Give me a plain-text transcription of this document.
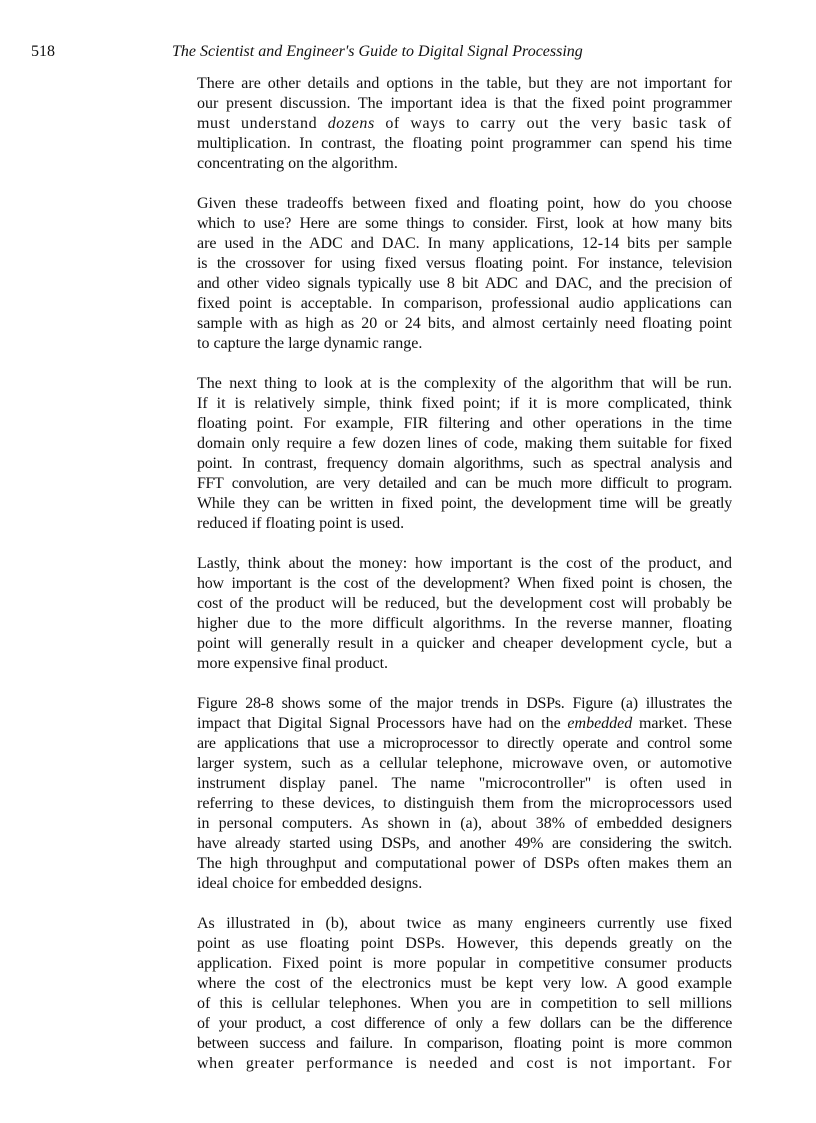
518	The Scientist and Engineer's Guide to Digital Signal Processing

There are other details and options in the table, but they are not important for
our present discussion. The important idea is that the fixed point programmer
must understand dozens of ways to carry out the very basic task of
multiplication. In contrast, the floating point programmer can spend his time
concentrating on the algorithm.

Given these tradeoffs between fixed and floating point, how do you choose
which to use? Here are some things to consider. First, look at how many bits
are used in the ADC and DAC. In many applications, 12-14 bits per sample
is the crossover for using fixed versus floating point. For instance, television
and other video signals typically use 8 bit ADC and DAC, and the precision of
fixed point is acceptable. In comparison, professional audio applications can
sample with as high as 20 or 24 bits, and almost certainly need floating point
to capture the large dynamic range.

The next thing to look at is the complexity of the algorithm that will be run.
If it is relatively simple, think fixed point; if it is more complicated, think
floating point. For example, FIR filtering and other operations in the time
domain only require a few dozen lines of code, making them suitable for fixed
point. In contrast, frequency domain algorithms, such as spectral analysis and
FFT convolution, are very detailed and can be much more difficult to program.
While they can be written in fixed point, the development time will be greatly
reduced if floating point is used.

Lastly, think about the money: how important is the cost of the product, and
how important is the cost of the development? When fixed point is chosen, the
cost of the product will be reduced, but the development cost will probably be
higher due to the more difficult algorithms. In the reverse manner, floating
point will generally result in a quicker and cheaper development cycle, but a
more expensive final product.

Figure 28-8 shows some of the major trends in DSPs. Figure (a) illustrates the
impact that Digital Signal Processors have had on the embedded market. These
are applications that use a microprocessor to directly operate and control some
larger system, such as a cellular telephone, microwave oven, or automotive
instrument display panel. The name "microcontroller" is often used in
referring to these devices, to distinguish them from the microprocessors used
in personal computers. As shown in (a), about 38% of embedded designers
have already started using DSPs, and another 49% are considering the switch.
The high throughput and computational power of DSPs often makes them an
ideal choice for embedded designs.

As illustrated in (b), about twice as many engineers currently use fixed
point as use floating point DSPs. However, this depends greatly on the
application. Fixed point is more popular in competitive consumer products
where the cost of the electronics must be kept very low. A good example
of this is cellular telephones. When you are in competition to sell millions
of your product, a cost difference of only a few dollars can be the difference
between success and failure. In comparison, floating point is more common
when greater performance is needed and cost is not important. For
